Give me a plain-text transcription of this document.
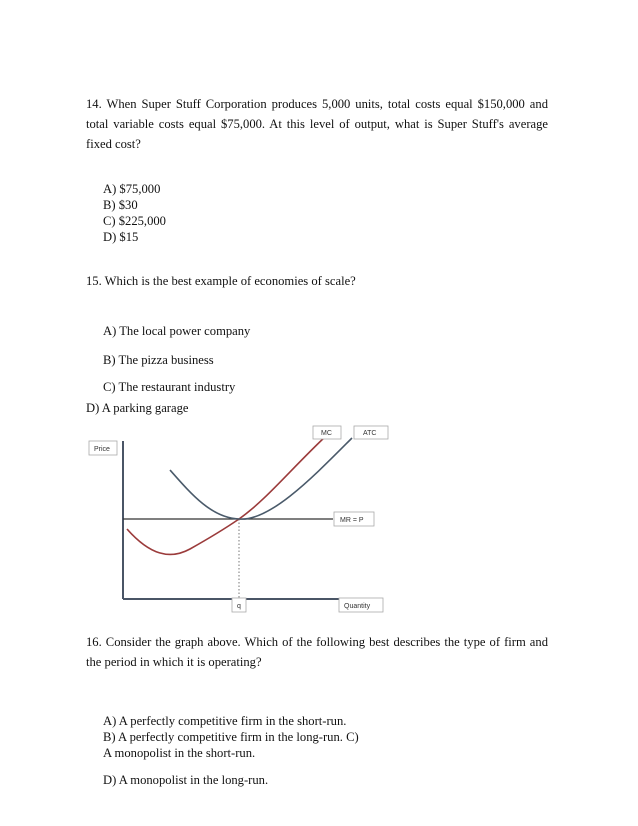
14. When Super Stuff Corporation produces 5,000 units, total costs equal $150,000 and total variable costs equal $75,000. At this level of output, what is Super Stuff's average fixed cost?
A) $75,000
B) $30
C) $225,000
D) $15
15. Which is the best example of economies of scale?
A) The local power company
B) The pizza business
C) The restaurant industry
D) A parking garage
Price
MC	ATC
MR = P
q	Quantity
16. Consider the graph above. Which of the following best describes the type of firm and the period in which it is operating?
A) A perfectly competitive firm in the short-run.
B) A perfectly competitive firm in the long-run. C)
A monopolist in the short-run.
D) A monopolist in the long-run.
